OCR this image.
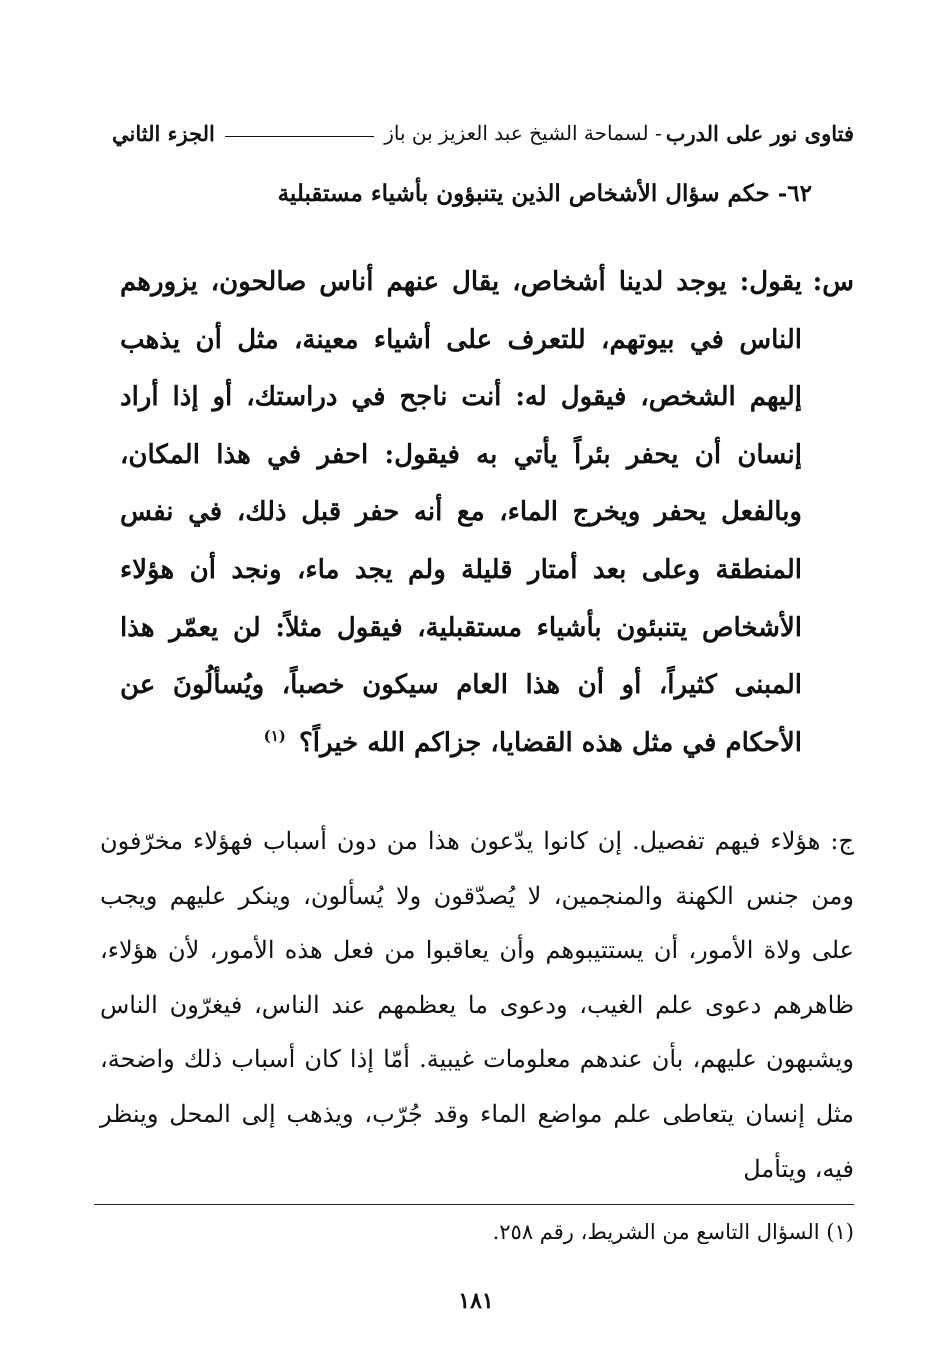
فتاوى نور على الدرب
- لسماحة الشيخ عبد العزيز بن باز
الجزء الثاني
٦٢- حكم سؤال الأشخاص الذين يتنبؤون بأشياء مستقبلية
س:
يقول: يوجد لدينا أشخاص، يقال عنهم أناس صالحون، يزورهم الناس في بيوتهم، للتعرف على أشياء معينة، مثل أن يذهب إليهم الشخص، فيقول له: أنت ناجح في دراستك، أو إذا أراد إنسان أن يحفر بئراً يأتي به فيقول: احفر في هذا المكان، وبالفعل يحفر ويخرج الماء، مع أنه حفر قبل ذلك، في نفس المنطقة وعلى بعد أمتار قليلة ولم يجد ماء، ونجد أن هؤلاء الأشخاص يتنبئون بأشياء مستقبلية، فيقول مثلاً: لن يعمّر هذا المبنى كثيراً، أو أن هذا العام سيكون خصباً، ويُسألُونَ عن الأحكام في مثل هذه القضايا، جزاكم الله خيراً؟ $^{(١)}$
ج: هؤلاء فيهم تفصيل. إن كانوا يدّعون هذا من دون أسباب فهؤلاء مخرّفون ومن جنس الكهنة والمنجمين، لا يُصدّقون ولا يُسألون، وينكر عليهم ويجب على ولاة الأمور، أن يستتيبوهم وأن يعاقبوا من فعل هذه الأمور، لأن هؤلاء، ظاهرهم دعوى علم الغيب، ودعوى ما يعظمهم عند الناس، فيغرّون الناس ويشبهون عليهم، بأن عندهم معلومات غيبية. أمّا إذا كان أسباب ذلك واضحة، مثل إنسان يتعاطى علم مواضع الماء وقد جُرّب، ويذهب إلى المحل وينظر فيه، ويتأمل
(١) السؤال التاسع من الشريط، رقم ٢٥٨.
١٨١
